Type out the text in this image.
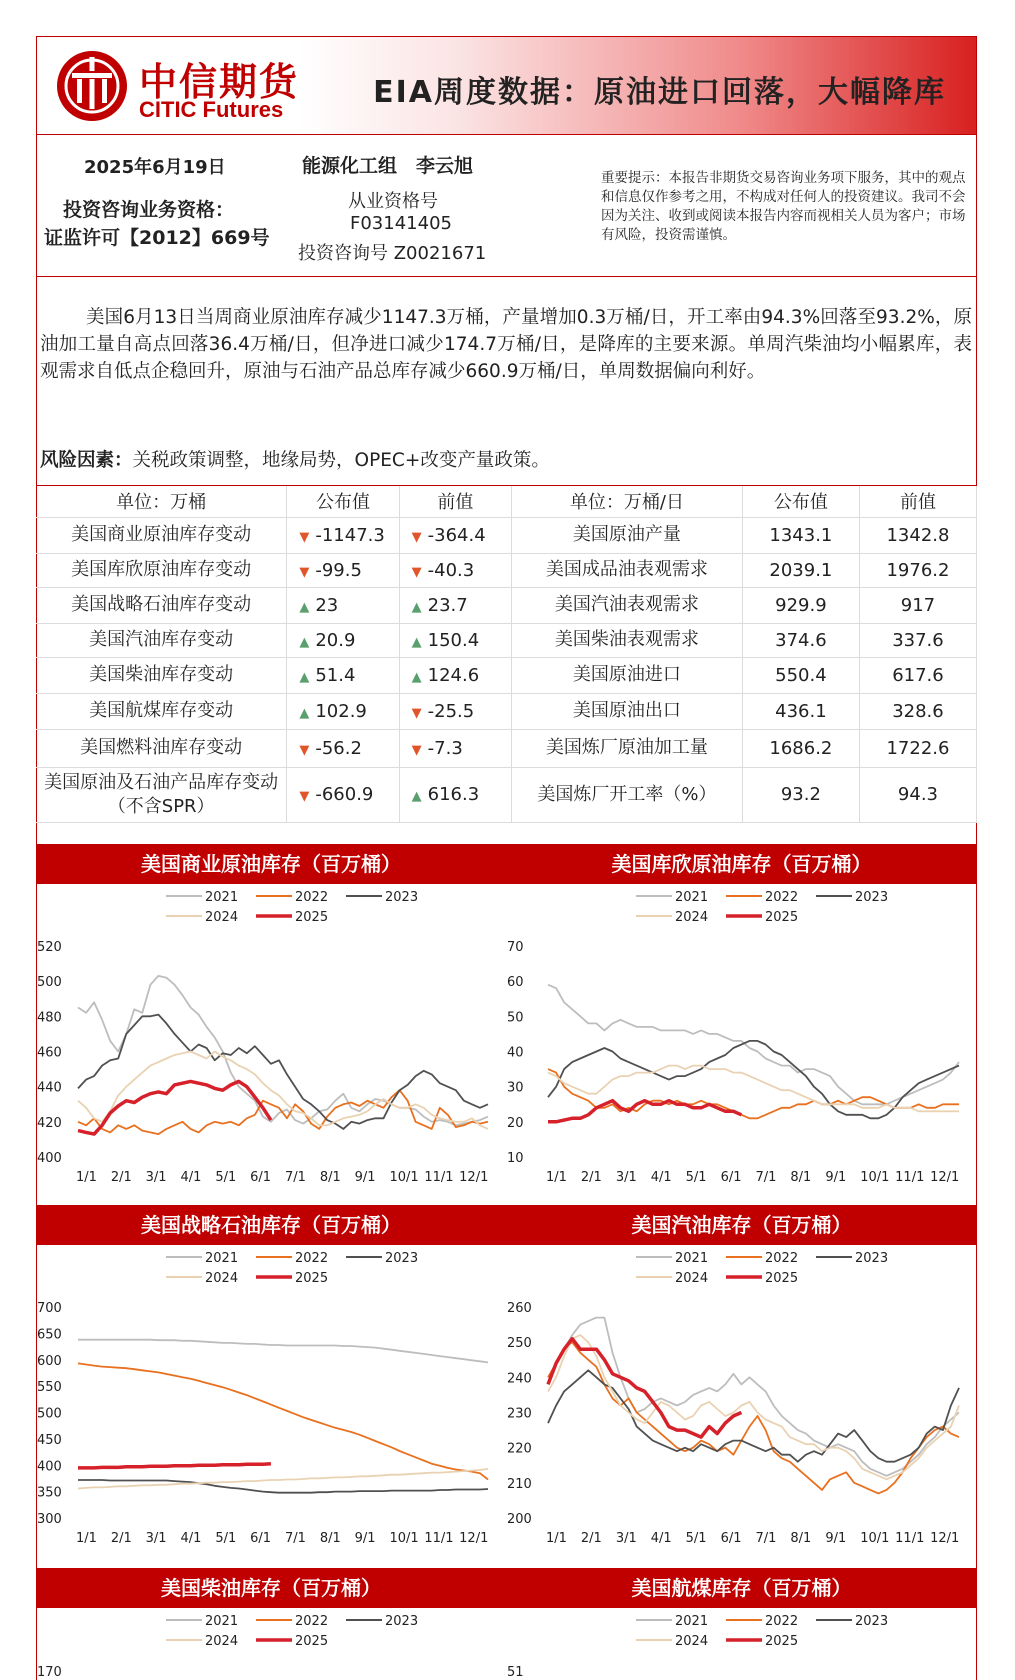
中信期货
CITIC Futures	EIA周度数据：原油进口回落，大幅降库
2025年6月19日
投资咨询业务资格：
证监许可【2012】669号
能源化工组　李云旭
从业资格号
F03141405
投资咨询号 Z0021671
重要提示：本报告非期货交易咨询业务项下服务，其中的观点和信息仅作参考之用，不构成对任何人的投资建议。我司不会因为关注、收到或阅读本报告内容而视相关人员为客户；市场有风险，投资需谨慎。
美国6月13日当周商业原油库存减少1147.3万桶，产量增加0.3万桶/日，开工率由94.3%回落至93.2%，原油加工量自高点回落36.4万桶/日，但净进口减少174.7万桶/日，是降库的主要来源。单周汽柴油均小幅累库，表观需求自低点企稳回升，原油与石油产品总库存减少660.9万桶/日，单周数据偏向利好。
风险因素：关税政策调整，地缘局势，OPEC+改变产量政策。
单位：万桶	公布值	前值
美国商业原油库存变动	▼ -1147.3	▼ -364.4
美国库欣原油库存变动	▼ -99.5	▼ -40.3
美国战略石油库存变动	▲ 23	▲ 23.7
美国汽油库存变动	▲ 20.9	▲ 150.4
美国柴油库存变动	▲ 51.4	▲ 124.6
美国航煤库存变动	▲ 102.9	▼ -25.5
美国燃料油库存变动	▼ -56.2	▼ -7.3
美国原油及石油产品库存变动（不含SPR）	▼ -660.9	▲ 616.3
单位：万桶/日	公布值	前值
美国原油产量	1343.1	1342.8
美国成品油表观需求	2039.1	1976.2
美国汽油表观需求	929.9	917
美国柴油表观需求	374.6	337.6
美国原油进口	550.4	617.6
美国原油出口	436.1	328.6
美国炼厂原油加工量	1686.2	1722.6
美国炼厂开工率（%）	93.2	94.3
美国商业原油库存（百万桶）	美国库欣原油库存（百万桶）
美国战略石油库存（百万桶）	美国汽油库存（百万桶）
美国柴油库存（百万桶）	美国航煤库存（百万桶）
2021	2022	2023
2024	2025
400
420
440
460
480
500
520
1/1 2/1 3/1 4/1 5/1 6/1 7/1 8/1 9/1 10/1 11/1 12/1
2021	2022	2023
2024	2025
10
20
30
40
50
60
70
1/1 2/1 3/1 4/1 5/1 6/1 7/1 8/1 9/1 10/1 11/1 12/1
2021	2022	2023
2024	2025
300
350
400
450
500
550
600
650
700
1/1 2/1 3/1 4/1 5/1 6/1 7/1 8/1 9/1 10/1 11/1 12/1
2021	2022	2023
2024	2025
200
210
220
230
240
250
260
1/1 2/1 3/1 4/1 5/1 6/1 7/1 8/1 9/1 10/1 11/1 12/1
2021	2022	2023
2024	2025
170
2021	2022	2023
2024	2025
51
